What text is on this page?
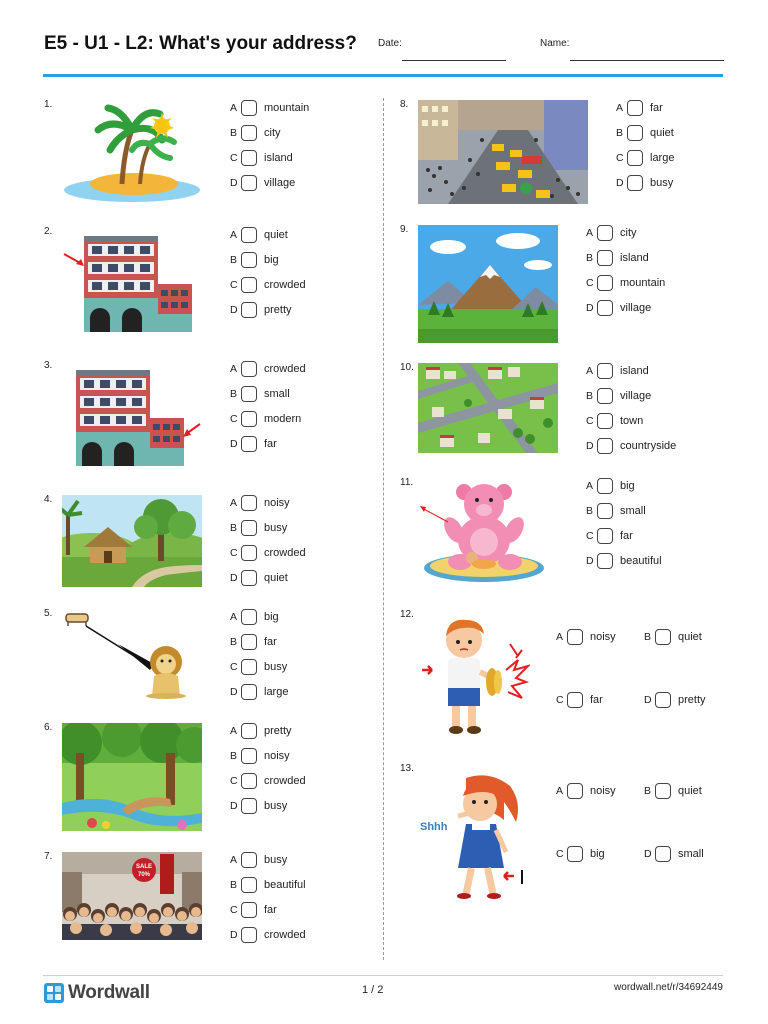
E5 - U1 - L2: What's your address? Date:	Name:
1.	A	mountain
B	city
C	island
D	village
2.	A	quiet
B	big
C	crowded
D	pretty
3.	A	crowded
B	small
C	modern
D	far
4.	A	noisy
B	busy
C	crowded
D	quiet
5.	A	big
B	far
C	busy
D	large
6.	A	pretty
B	noisy
C	crowded
D	busy
7.
SALE
70%
A	busy
B	beautiful
C	far
D	crowded
8.	A	far
B	quiet
C	large
D	busy
9.	A	city
B	island
C	mountain
D	village
10.	A	island
B	village
C	town
D	countryside
11.	A	big
B	small
C	far
D	beautiful
12.
A	noisy	B	quiet
C	far	D	pretty
13.
Shhh
A	noisy	B	quiet
C	big	D	small
Wordwall	1 / 2	wordwall.net/r/34692449
